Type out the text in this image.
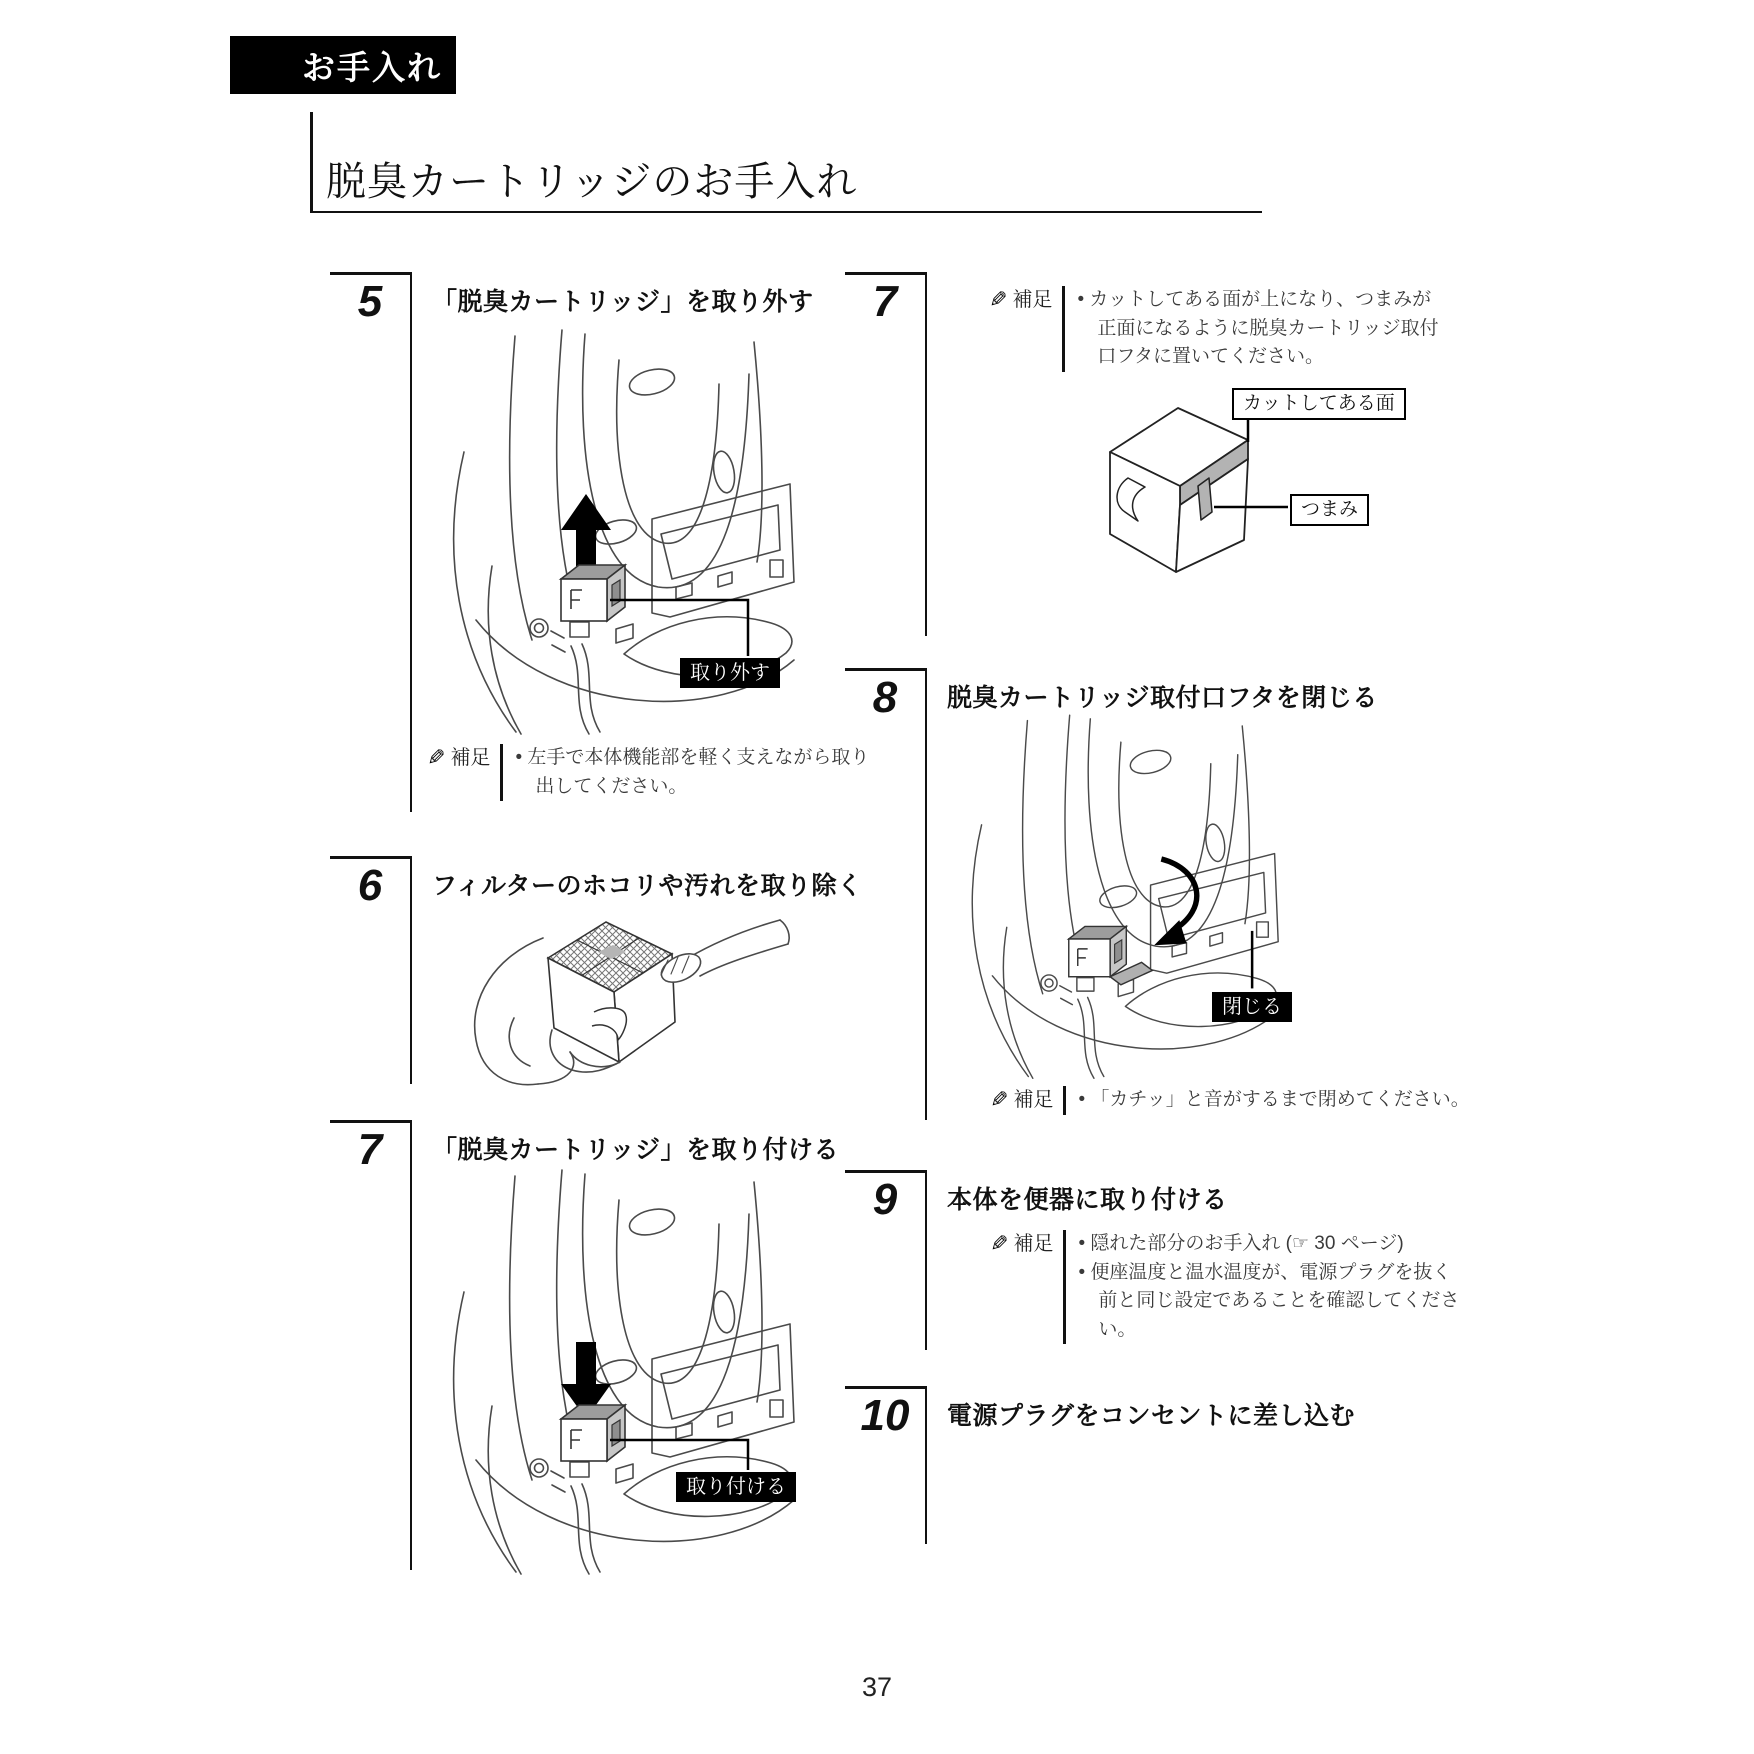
お手入れ
脱臭カートリッジのお手入れ
5	「脱臭カートリッジ」を取り外す
取り外す
✎ 補足	• 左手で本体機能部を軽く支えながら取り出してください。
6	フィルターのホコリや汚れを取り除く
7	「脱臭カートリッジ」を取り付ける
取り付ける
7	✎ 補足	• カットしてある面が上になり、つまみが正面になるように脱臭カートリッジ取付口フタに置いてください。
カットしてある面
つまみ
8	脱臭カートリッジ取付口フタを閉じる
閉じる
✎ 補足	• 「カチッ」と音がするまで閉めてください。
9	本体を便器に取り付ける
✎ 補足	• 隠れた部分のお手入れ (☞ 30 ページ)
• 便座温度と温水温度が、電源プラグを抜く前と同じ設定であることを確認してください。
10	電源プラグをコンセントに差し込む
37
